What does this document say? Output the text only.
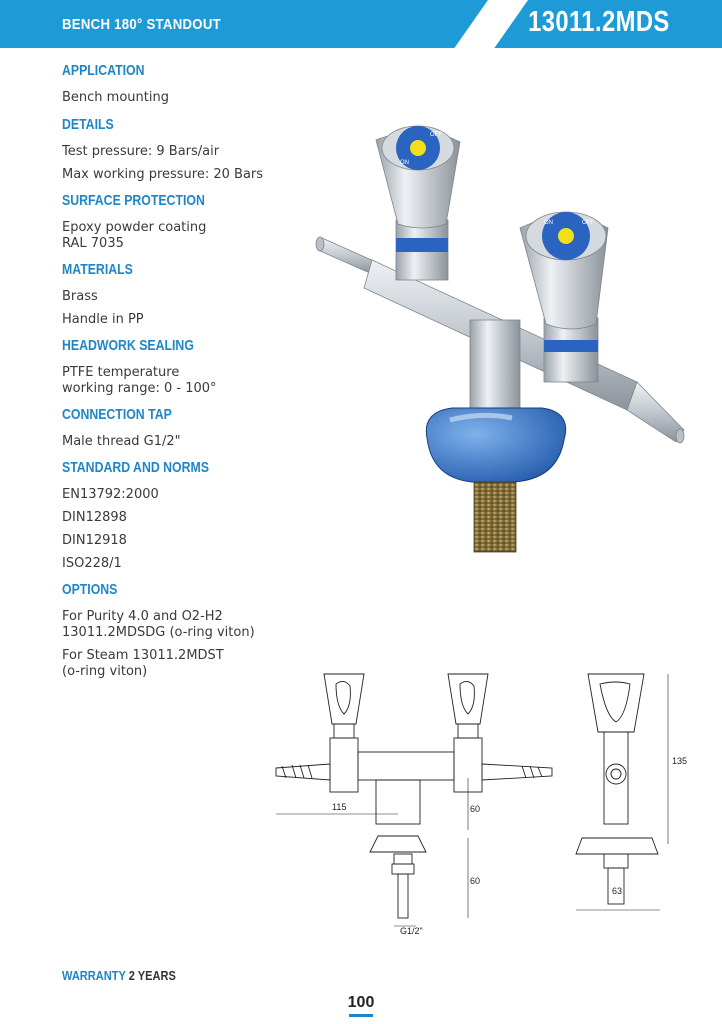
BENCH 180° STANDOUT	13011.2MDS
APPLICATION
Bench mounting
DETAILS
Test pressure: 9 Bars/air
Max working pressure: 20 Bars
SURFACE PROTECTION
Epoxy powder coating
RAL 7035
MATERIALS
Brass
Handle in PP
HEADWORK SEALING
PTFE temperature
working range: 0 - 100°
CONNECTION TAP
Male thread G1/2"
STANDARD AND NORMS
EN13792:2000
DIN12898
DIN12918
ISO228/1
OPTIONS
For Purity 4.0 and O2-H2
13011.2MDSDG (o-ring viton)
For Steam 13011.2MDST
(o-ring viton)
OFF
ON
OFF
ON
115	60
60
G1/2"
135
63
WARRANTY 2 YEARS
100
